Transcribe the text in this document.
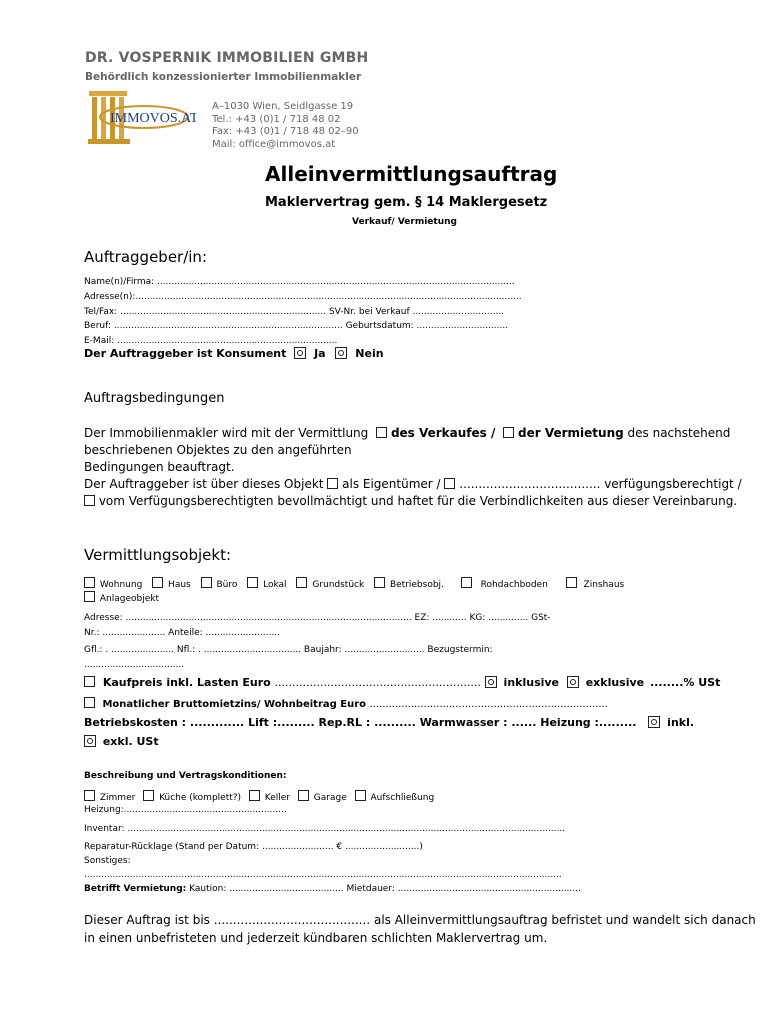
DR. VOSPERNIK IMMOBILIEN GMBH
Behördlich konzessionierter Immobilienmakler
IMMOVOS.AT
A–1030 Wien, Seidlgasse 19
Tel.: +43 (0)1 / 718 48 02
Fax: +43 (0)1 / 718 48 02–90
Mail: office@immovos.at
Alleinvermittlungsauftrag
Maklervertrag gem. § 14 Maklergesetz
Verkauf/ Vermietung
Auftraggeber/in:
Name(n)/Firma: .............................................................................................................................
Adresse(n):.......................................................................................................................................
Tel/Fax: ........................................................................ SV-Nr. bei Verkauf ................................
Beruf: ................................................................................ Geburtsdatum: ................................
E-Mail: .............................................................................
Der Auftraggeber ist Konsument	Ja	Nein
Auftragsbedingungen
Der Immobilienmakler wird mit der Vermittlung des Verkaufes / der Vermietung des nachstehend
beschriebenen Objektes zu den angeführten
Bedingungen beauftragt.
Der Auftraggeber ist über dieses Objekt als Eigentümer / ..................................... verfügungsberechtigt /
vom Verfügungsberechtigten bevollmächtigt und haftet für die Verbindlichkeiten aus dieser Vereinbarung.
Vermittlungsobjekt:
Wohnung	Haus	Büro	Lokal	Grundstück	Betriebsobj.	Rohdachboden	Zinshaus
Anlageobjekt
Adresse: .................................................................................................... EZ: ............ KG: .............. GSt-
Nr.: ...................... Anteile: ..........................
Gfl.: . ...................... Nfl.: . .................................. Baujahr: ............................ Bezugstermin:
...................................
Kaufpreis inkl. Lasten Euro ........................................................... inklusive exklusive ........% USt
Monatlicher Bruttomietzins/ Wohnbeitrag Euro ...........................................................................
Betriebskosten : ............. Lift :......... Rep.RL : .......... Warmwasser : ...... Heizung :.........	inkl.
exkl. USt
Beschreibung und Vertragskonditionen:
Zimmer	Küche (komplett?)	Keller	Garage	Aufschließung
Heizung:.........................................................
Inventar: .........................................................................................................................................................
Reparatur-Rücklage (Stand per Datum: ......................... € ..........................)
Sonstiges:
.......................................................................................................................................................................
Betrifft Vermietung: Kaution: ........................................ Mietdauer: ................................................................
Dieser Auftrag ist bis ......................................... als Alleinvermittlungsauftrag befristet und wandelt sich danach
in einen unbefristeten und jederzeit kündbaren schlichten Maklervertrag um.
